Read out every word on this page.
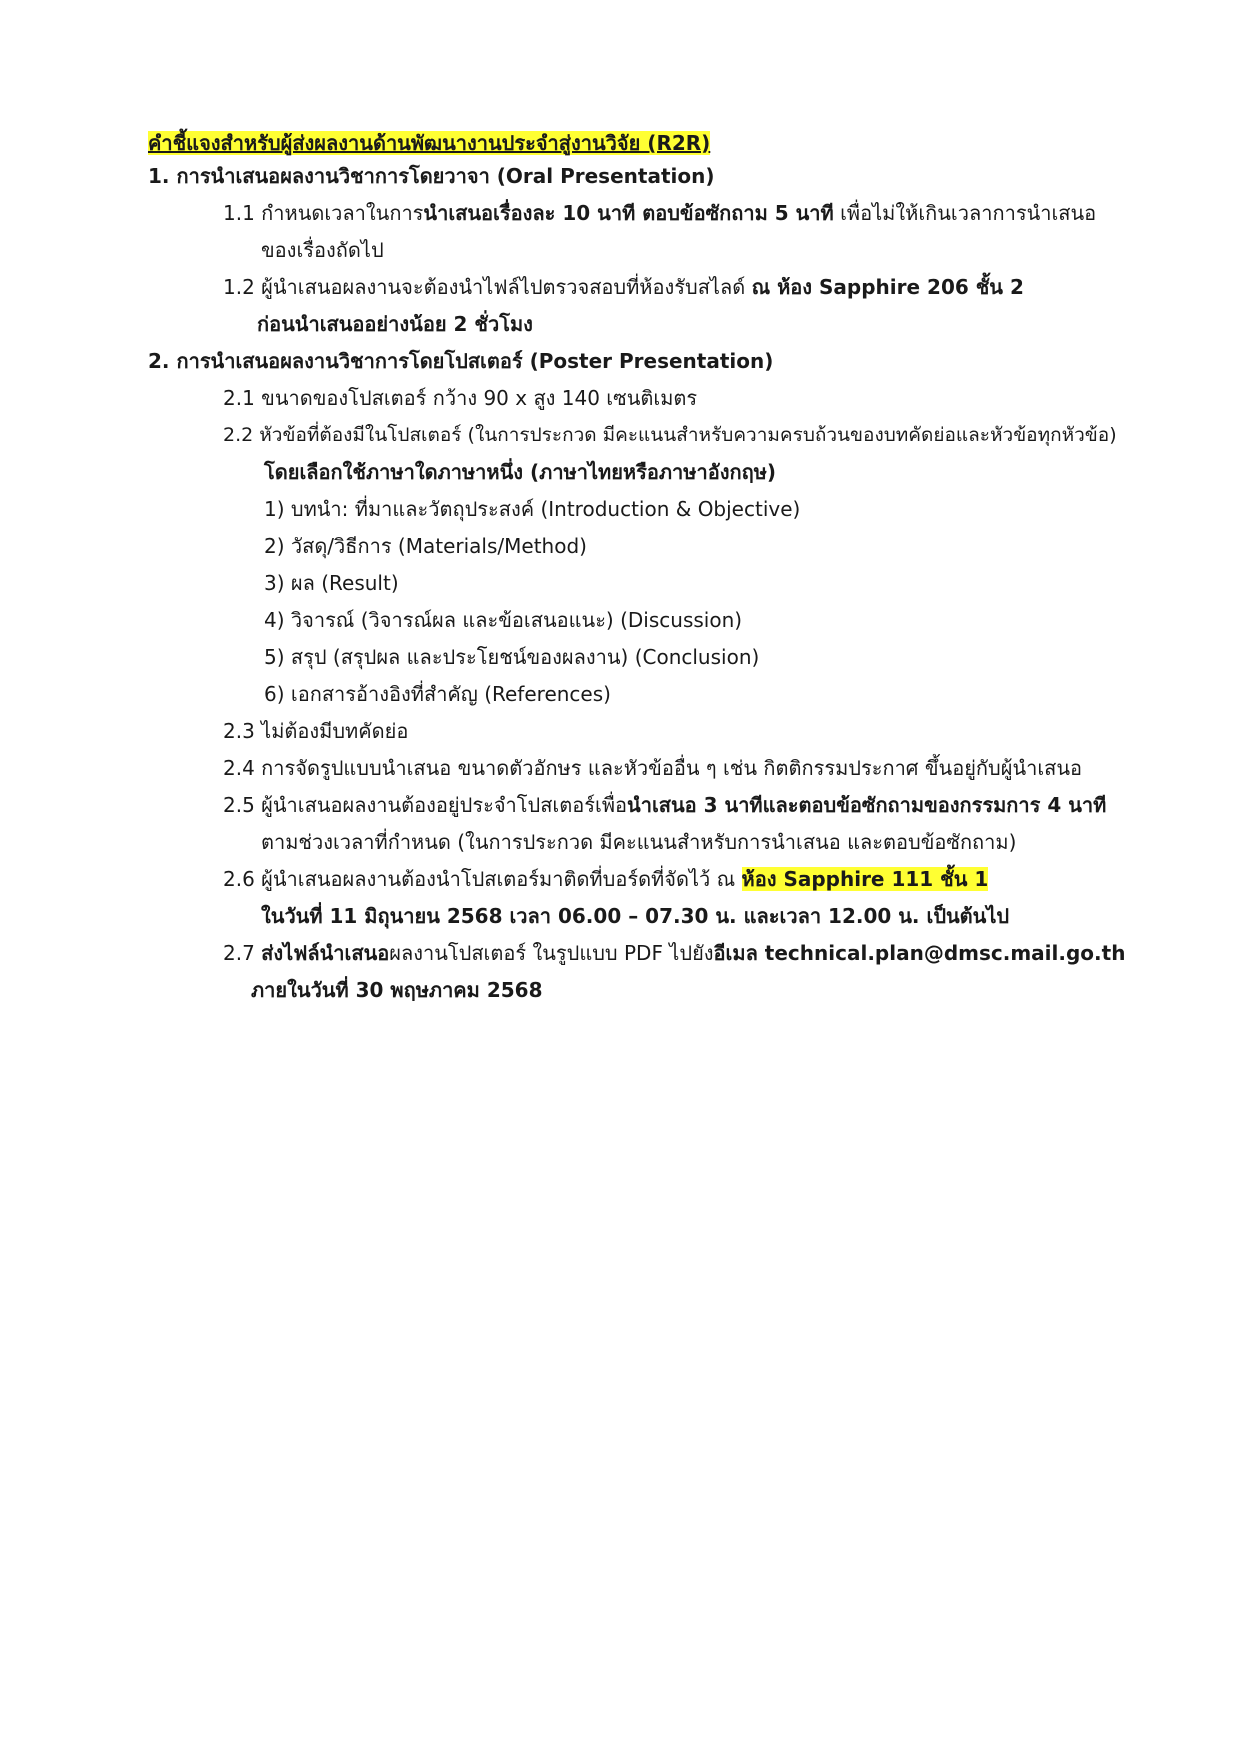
คำชี้แจงสำหรับผู้ส่งผลงานด้านพัฒนางานประจำสู่งานวิจัย (R2R)
1. การนำเสนอผลงานวิชาการโดยวาจา (Oral Presentation)
1.1 กำหนดเวลาในการนำเสนอเรื่องละ 10 นาที ตอบข้อซักถาม 5 นาที เพื่อไม่ให้เกินเวลาการนำเสนอ
ของเรื่องถัดไป
1.2 ผู้นำเสนอผลงานจะต้องนำไฟล์ไปตรวจสอบที่ห้องรับสไลด์ ณ ห้อง Sapphire 206 ชั้น 2
ก่อนนำเสนออย่างน้อย 2 ชั่วโมง
2. การนำเสนอผลงานวิชาการโดยโปสเตอร์ (Poster Presentation)
2.1 ขนาดของโปสเตอร์ กว้าง 90 x สูง 140 เซนติเมตร
2.2 หัวข้อที่ต้องมีในโปสเตอร์ (ในการประกวด มีคะแนนสำหรับความครบถ้วนของบทคัดย่อและหัวข้อทุกหัวข้อ)
โดยเลือกใช้ภาษาใดภาษาหนึ่ง (ภาษาไทยหรือภาษาอังกฤษ)
1) บทนำ: ที่มาและวัตถุประสงค์ (Introduction & Objective)
2) วัสดุ/วิธีการ (Materials/Method)
3) ผล (Result)
4) วิจารณ์ (วิจารณ์ผล และข้อเสนอแนะ) (Discussion)
5) สรุป (สรุปผล และประโยชน์ของผลงาน) (Conclusion)
6) เอกสารอ้างอิงที่สำคัญ (References)
2.3 ไม่ต้องมีบทคัดย่อ
2.4 การจัดรูปแบบนำเสนอ ขนาดตัวอักษร และหัวข้ออื่น ๆ เช่น กิตติกรรมประกาศ ขึ้นอยู่กับผู้นำเสนอ
2.5 ผู้นำเสนอผลงานต้องอยู่ประจำโปสเตอร์เพื่อนำเสนอ 3 นาทีและตอบข้อซักถามของกรรมการ 4 นาที
ตามช่วงเวลาที่กำหนด (ในการประกวด มีคะแนนสำหรับการนำเสนอ และตอบข้อซักถาม)
2.6 ผู้นำเสนอผลงานต้องนำโปสเตอร์มาติดที่บอร์ดที่จัดไว้ ณ ห้อง Sapphire 111 ชั้น 1
ในวันที่ 11 มิถุนายน 2568 เวลา 06.00 – 07.30 น. และเวลา 12.00 น. เป็นต้นไป
2.7 ส่งไฟล์นำเสนอผลงานโปสเตอร์ ในรูปแบบ PDF ไปยังอีเมล technical.plan@dmsc.mail.go.th
ภายในวันที่ 30 พฤษภาคม 2568
